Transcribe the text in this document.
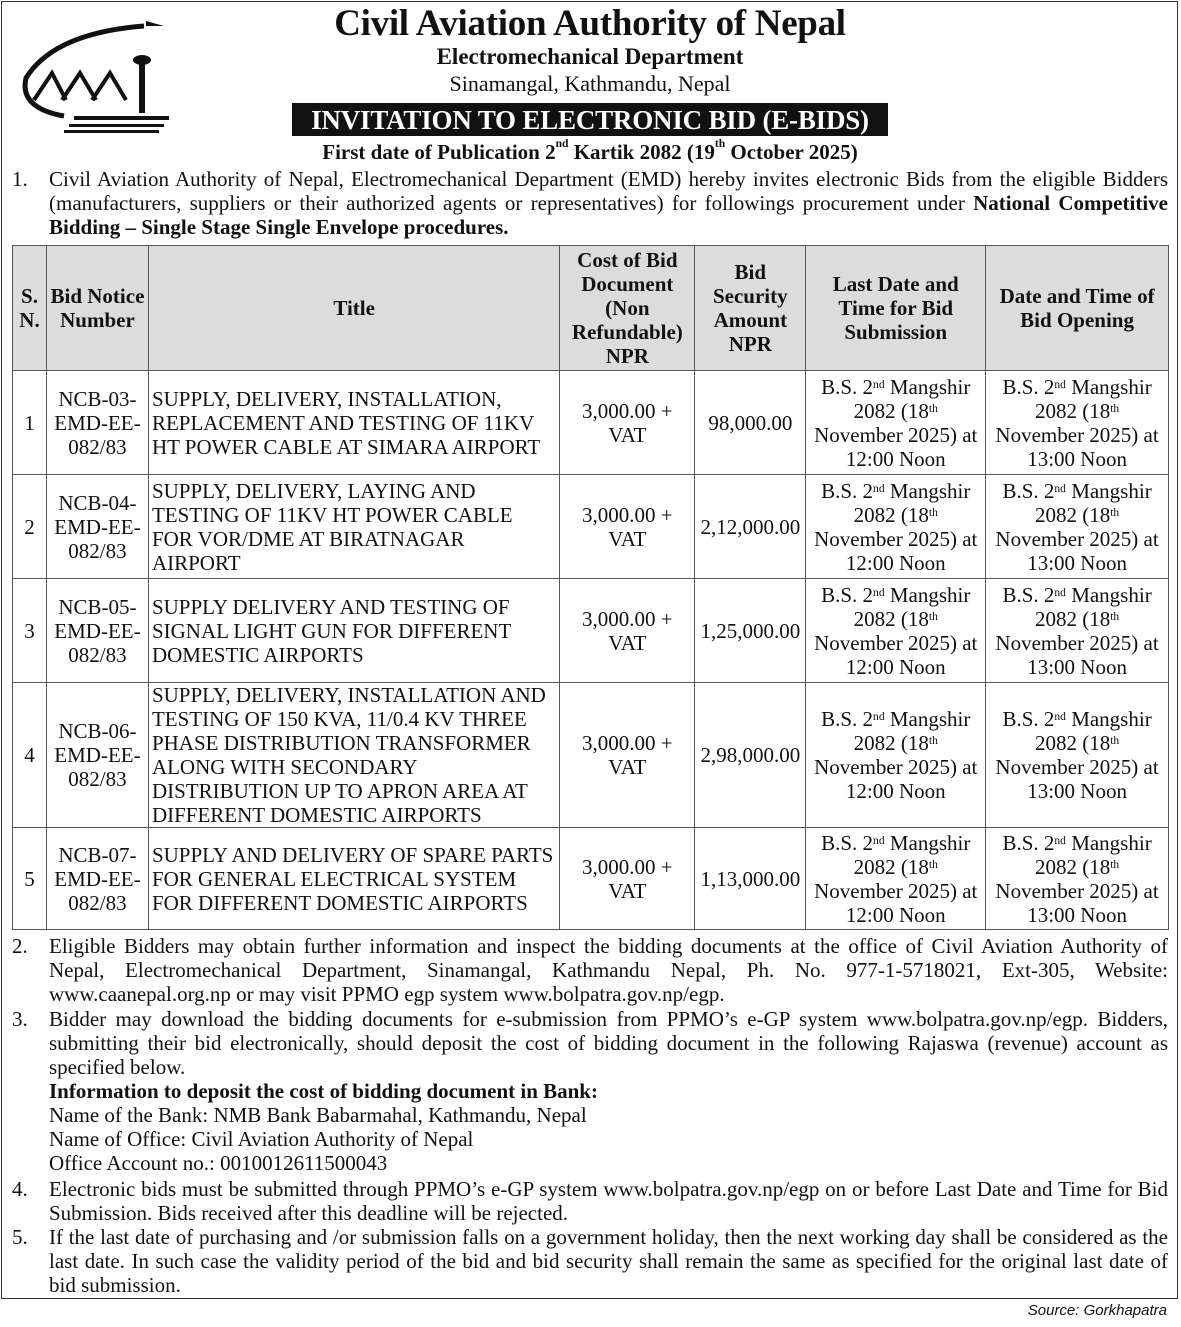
Civil Aviation Authority of Nepal
Electromechanical Department
Sinamangal, Kathmandu, Nepal
INVITATION TO ELECTRONIC BID (E-BIDS)
First date of Publication 2nd Kartik 2082 (19th October 2025)
1. Civil Aviation Authority of Nepal, Electromechanical Department (EMD) hereby invites electronic Bids from the eligible Bidders (manufacturers, suppliers or their authorized agents or representatives) for followings procurement under National Competitive Bidding – Single Stage Single Envelope procedures.
S. N.	Bid Notice Number	Title	Cost of Bid Document (Non Refundable) NPR	Bid Security Amount NPR	Last Date and Time for Bid Submission	Date and Time of Bid Opening
1	NCB-03-EMD-EE-082/83	SUPPLY, DELIVERY, INSTALLATION, REPLACEMENT AND TESTING OF 11KV HT POWER CABLE AT SIMARA AIRPORT	3,000.00 + VAT	98,000.00	B.S. 2nd Mangshir 2082 (18th November 2025) at 12:00 Noon	B.S. 2nd Mangshir 2082 (18th November 2025) at 13:00 Noon
2	NCB-04-EMD-EE-082/83	SUPPLY, DELIVERY, LAYING AND TESTING OF 11KV HT POWER CABLE FOR VOR/DME AT BIRATNAGAR AIRPORT	3,000.00 + VAT	2,12,000.00	B.S. 2nd Mangshir 2082 (18th November 2025) at 12:00 Noon	B.S. 2nd Mangshir 2082 (18th November 2025) at 13:00 Noon
3	NCB-05-EMD-EE-082/83	SUPPLY DELIVERY AND TESTING OF SIGNAL LIGHT GUN FOR DIFFERENT DOMESTIC AIRPORTS	3,000.00 + VAT	1,25,000.00	B.S. 2nd Mangshir 2082 (18th November 2025) at 12:00 Noon	B.S. 2nd Mangshir 2082 (18th November 2025) at 13:00 Noon
4	NCB-06-EMD-EE-082/83	SUPPLY, DELIVERY, INSTALLATION AND TESTING OF 150 KVA, 11/0.4 KV THREE PHASE DISTRIBUTION TRANSFORMER ALONG WITH SECONDARY DISTRIBUTION UP TO APRON AREA AT DIFFERENT DOMESTIC AIRPORTS	3,000.00 + VAT	2,98,000.00	B.S. 2nd Mangshir 2082 (18th November 2025) at 12:00 Noon	B.S. 2nd Mangshir 2082 (18th November 2025) at 13:00 Noon
5	NCB-07-EMD-EE-082/83	SUPPLY AND DELIVERY OF SPARE PARTS FOR GENERAL ELECTRICAL SYSTEM FOR DIFFERENT DOMESTIC AIRPORTS	3,000.00 + VAT	1,13,000.00	B.S. 2nd Mangshir 2082 (18th November 2025) at 12:00 Noon	B.S. 2nd Mangshir 2082 (18th November 2025) at 13:00 Noon
2. Eligible Bidders may obtain further information and inspect the bidding documents at the office of Civil Aviation Authority of Nepal, Electromechanical Department, Sinamangal, Kathmandu Nepal, Ph. No. 977-1-5718021, Ext-305, Website: www.caanepal.org.np or may visit PPMO egp system www.bolpatra.gov.np/egp.
3. Bidder may download the bidding documents for e-submission from PPMO’s e-GP system www.bolpatra.gov.np/egp. Bidders, submitting their bid electronically, should deposit the cost of bidding document in the following Rajaswa (revenue) account as specified below.
Information to deposit the cost of bidding document in Bank:
Name of the Bank: NMB Bank Babarmahal, Kathmandu, Nepal
Name of Office: Civil Aviation Authority of Nepal
Office Account no.: 0010012611500043
4. Electronic bids must be submitted through PPMO’s e-GP system www.bolpatra.gov.np/egp on or before Last Date and Time for Bid Submission. Bids received after this deadline will be rejected.
5. If the last date of purchasing and /or submission falls on a government holiday, then the next working day shall be considered as the last date. In such case the validity period of the bid and bid security shall remain the same as specified for the original last date of bid submission.
Source: Gorkhapatra
